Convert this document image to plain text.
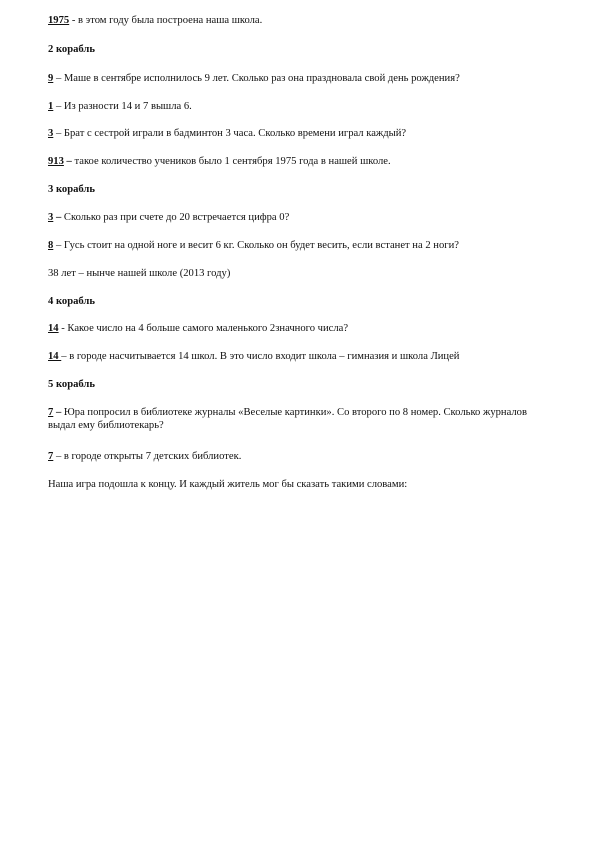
1975 - в этом году была построена наша школа.
2 корабль
9 – Маше в сентябре исполнилось 9 лет. Сколько раз она праздновала свой день рождения?
1 – Из разности 14 и 7 вышла 6.
3 – Брат с сестрой играли в бадминтон 3 часа. Сколько времени играл каждый?
913 – такое количество учеников было 1 сентября 1975 года в нашей школе.
3 корабль
3 – Сколько раз при счете до 20 встречается цифра 0?
8 – Гусь стоит на одной ноге и весит 6 кг. Сколько он будет весить, если встанет на 2 ноги?
38 лет – нынче нашей школе (2013 году)
4 корабль
14 - Какое число на 4 больше самого маленького 2значного числа?
14 – в городе насчитывается 14 школ. В это число входит школа – гимназия и школа Лицей
5 корабль
7 – Юра попросил в библиотеке журналы «Веселые картинки». Со второго по 8 номер. Сколько журналов выдал ему библиотекарь?
7 – в городе открыты 7 детских библиотек.
Наша игра подошла к концу. И каждый житель мог бы сказать такими словами:
